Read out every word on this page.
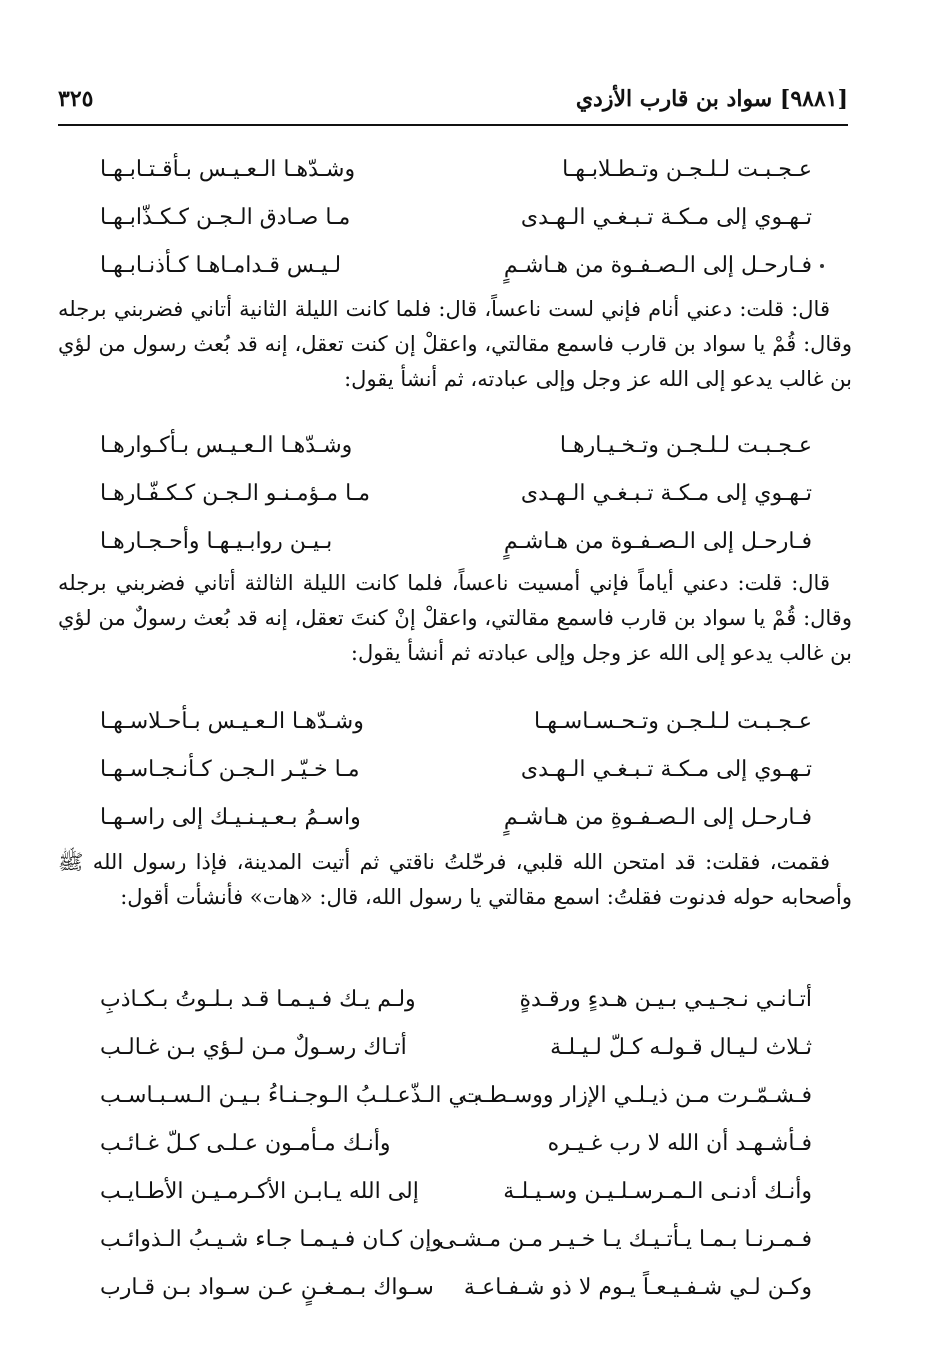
[٩٨٨١] سواد بن قارب الأزدي
٣٢٥
عـجـبـت لـلـجـن وتـطـلابـهـا
وشـدّهـا الـعـيـس بـأقـتـابـهـا
تـهـوي إلى مـكـة تـبـغـي الـهـدى
مـا صـادق الـجـن كـكـذّابـهـا
فـارحـل إلى الـصـفـوة من هـاشـمٍ
لـيـس قـدامـاهـا كـأذنـابـهـا

قال: قلت: دعني أنام فإني لست ناعساً، قال: فلما كانت الليلة الثانية أتاني فضربني برجله وقال: قُمْ يا سواد بن قارب فاسمع مقالتي، واعقلْ إن كنت تعقل، إنه قد بُعث رسول من لؤي بن غالب يدعو إلى الله عز وجل وإلى عبادته، ثم أنشأ يقول:

عـجـبـت لـلـجـن وتـخـيـارهـا
وشـدّهـا الـعـيـس بـأكـوارهـا
تـهـوي إلى مـكـة تـبـغـي الـهـدى
مـا مـؤمـنـو الـجـن كـكـفّـارهـا
فـارحـل إلى الـصـفـوة من هـاشـمٍ
بـيـن روابـيـهـا وأحـجـارهـا

قال: قلت: دعني أياماً فإني أمسيت ناعساً، فلما كانت الليلة الثالثة أتاني فضربني برجله وقال: قُمْ يا سواد بن قارب فاسمع مقالتي، واعقلْ إنْ كنتَ تعقل، إنه قد بُعث رسولٌ من لؤي بن غالب يدعو إلى الله عز وجل وإلى عبادته ثم أنشأ يقول:

عـجـبـت لـلـجـن وتـحـسـاسـهـا
وشـدّهـا الـعـيـس بـأحـلاسـهـا
تـهـوي إلى مـكـة تـبـغـي الـهـدى
مـا خـيّـر الـجـن كـأنـجـاسـهـا
فـارحـل إلى الـصـفـوةِ من هـاشـمٍ
واسـمُ بـعـيـنـيـك إلى راسـهـا

فقمت، فقلت: قد امتحن الله قلبي، فرحّلتُ ناقتي ثم أتيت المدينة، فإذا رسول الله ﷺ وأصحابه حوله فدنوت فقلتُ: اسمع مقالتي يا رسول الله، قال: «هات» فأنشأت أقول:

أتـانـي نـجـيـي بـيـن هـدءٍ ورقـدةٍ
ولـم يـك فـيـمـا قـد بـلـوتُ بـكـاذبِ
ثـلاث لـيـال قـولـه كـلّ لـيـلـة
أتـاك رسـولٌ مـن لـؤي بـن غـالـب
فـشـمّـرت مـن ذيـلـي الإزار ووسـطـت
بـي الـذّعـلـبُ الـوجـنـاءُ بـيـن الـسـبـاسـب
فـأشـهـد أن الله لا رب غـيـره
وأنـك مـأمـون عـلـى كـلّ غـائـب
وأنـك أدنـى الـمـرسـلـيـن وسـيـلـة
إلى الله يـابـن الأكـرمـيـن الأطـايـب
فـمـرنـا بـمـا يـأتـيـك يـا خـيـر مـن مـشـى
وإن كـان فـيـمـا جـاء شـيـبُ الـذوائـب
وكـن لـي شـفـيـعـاً يـوم لا ذو شـفـاعـة
سـواك بـمـغـنٍ عـن سـواد بـن قـارب
